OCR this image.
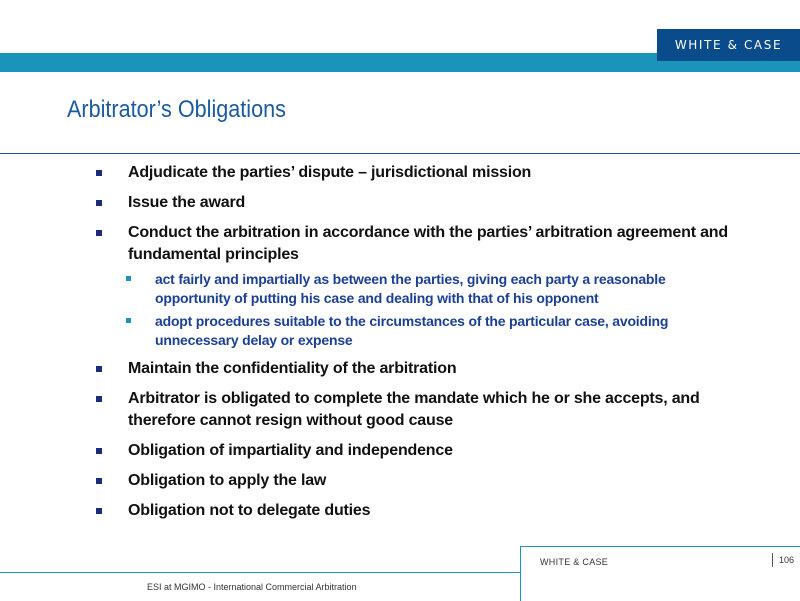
WHITE & CASE
Arbitrator’s Obligations
Adjudicate the parties’ dispute – jurisdictional mission
Issue the award
Conduct the arbitration in accordance with the parties’ arbitration agreement and fundamental principles
act fairly and impartially as between the parties, giving each party a reasonable opportunity of putting his case and dealing with that of his opponent
adopt procedures suitable to the circumstances of the particular case, avoiding unnecessary delay or expense
Maintain the confidentiality of the arbitration
Arbitrator is obligated to complete the mandate which he or she accepts, and therefore cannot resign without good cause
Obligation of impartiality and independence
Obligation to apply the law
Obligation not to delegate duties
WHITE & CASE	106
ESI at MGIMO - International Commercial Arbitration
